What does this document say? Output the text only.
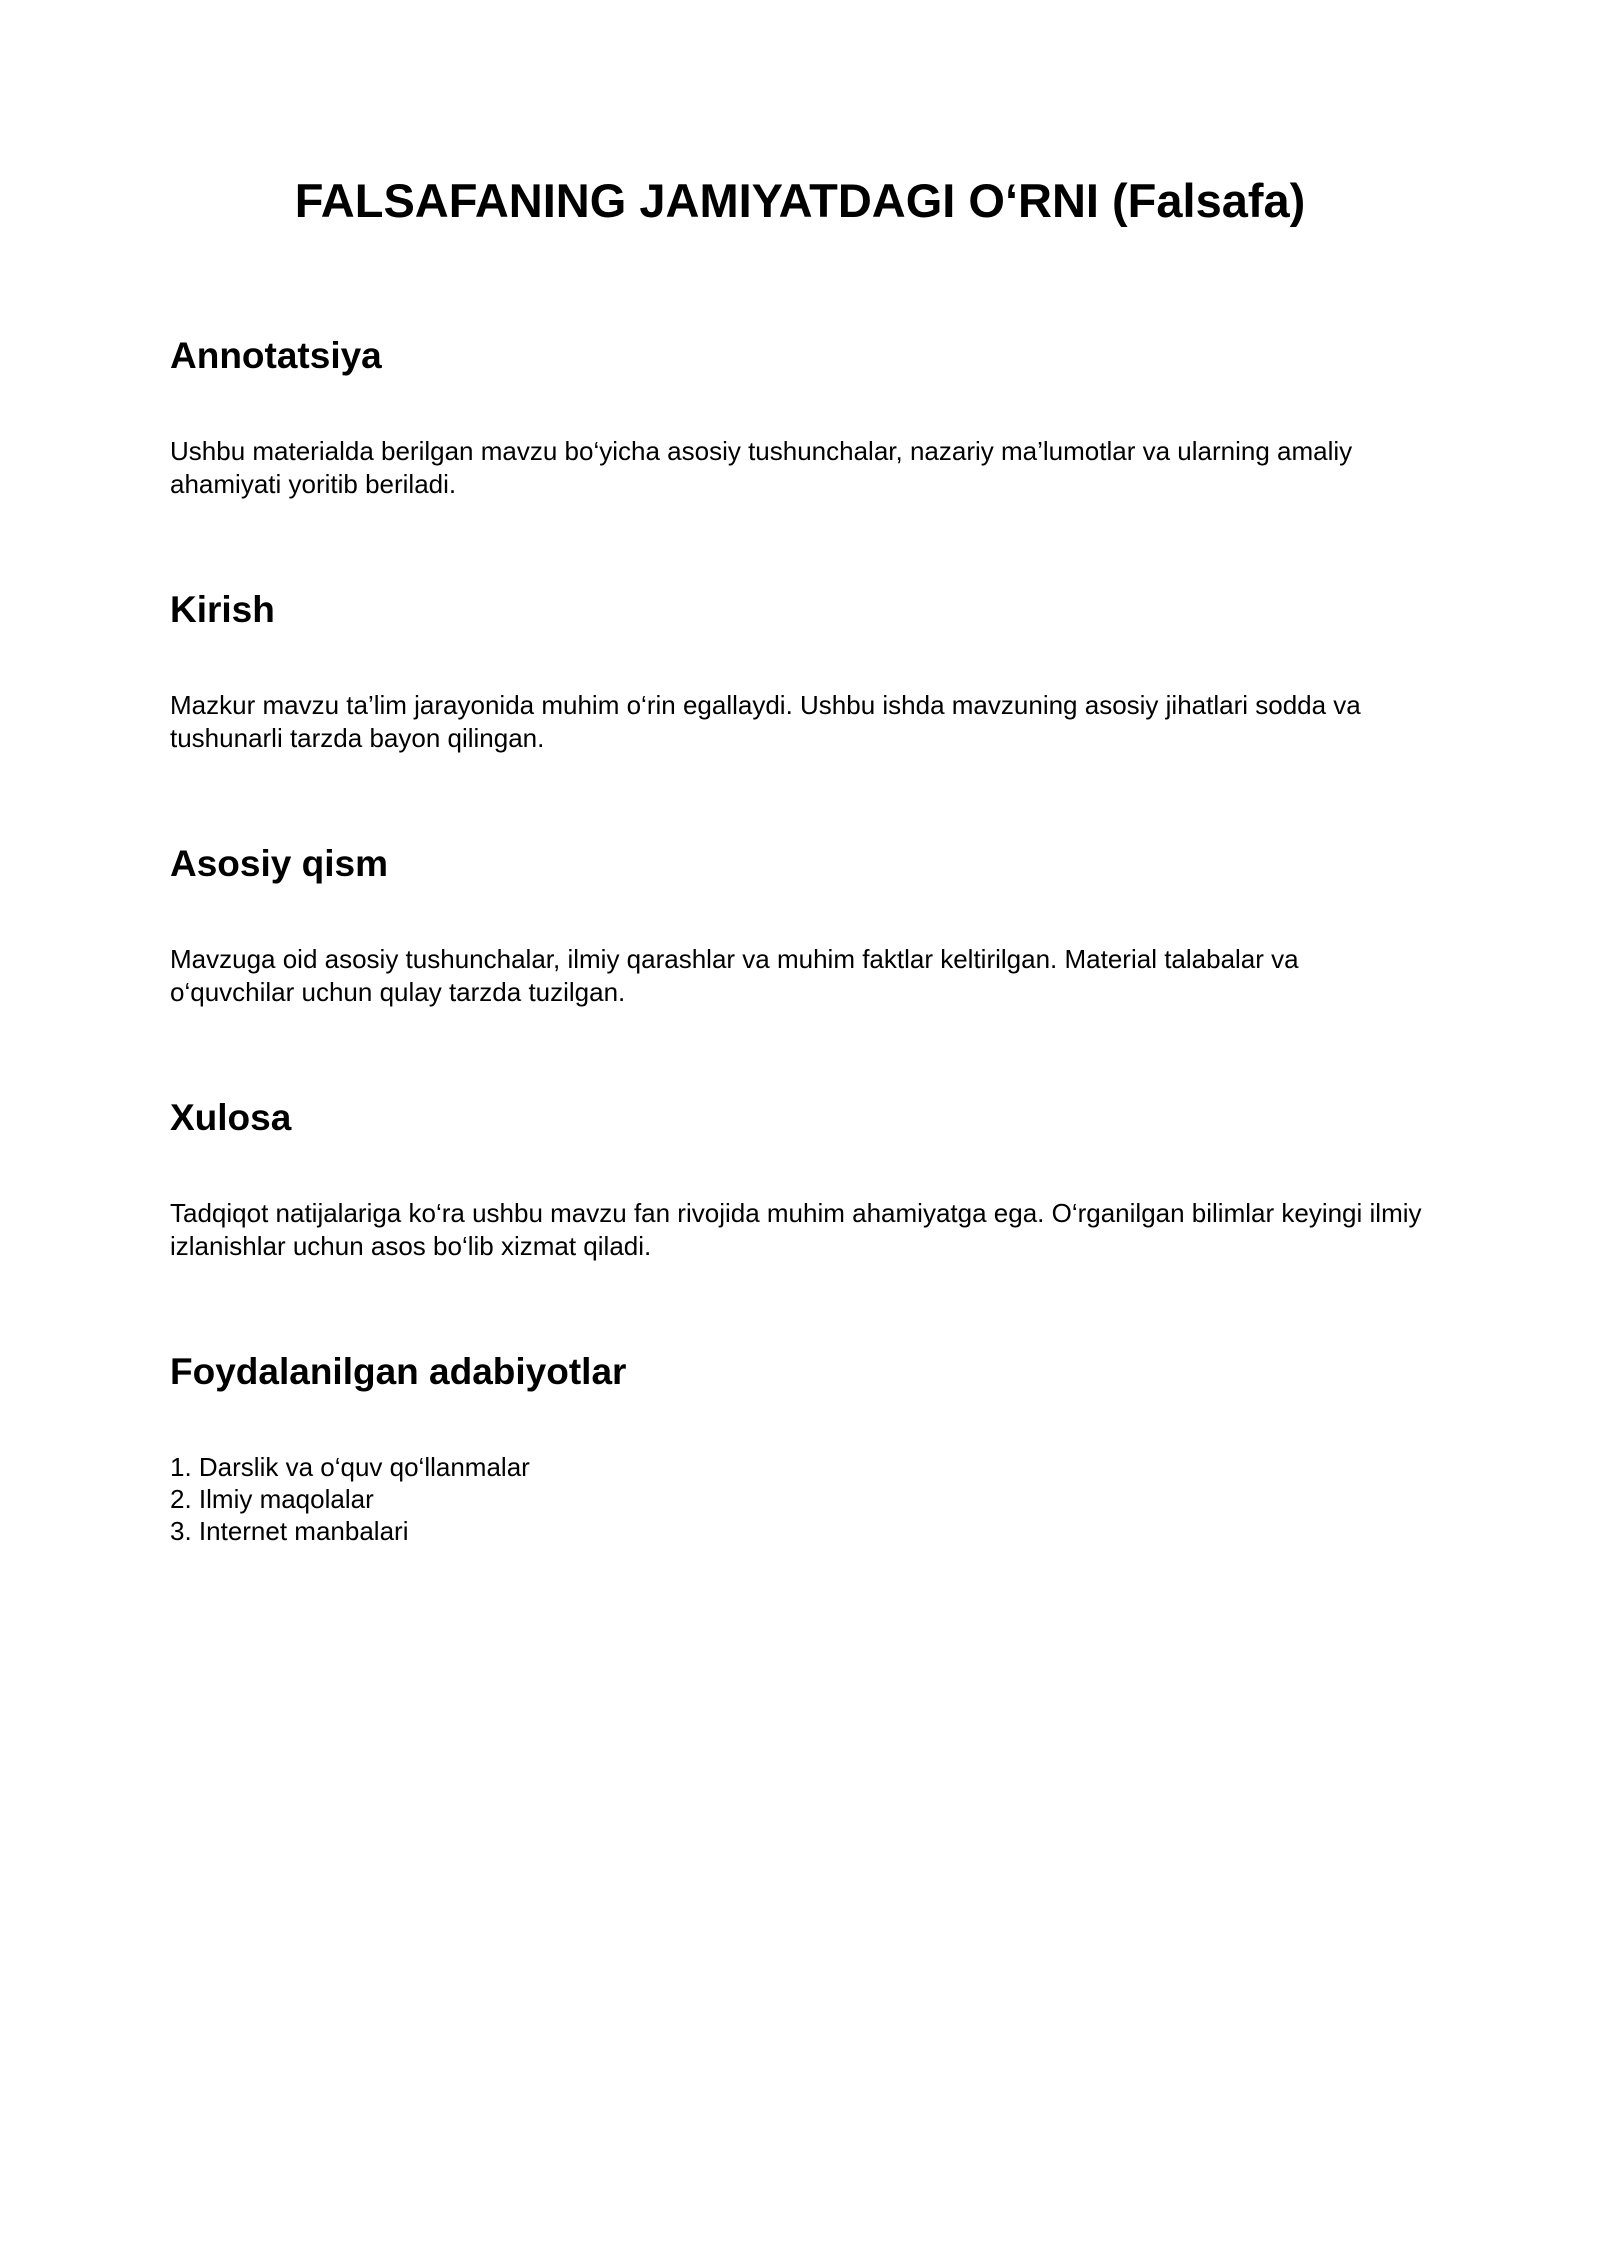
FALSAFANING JAMIYATDAGI O‘RNI (Falsafa)
Annotatsiya

Ushbu materialda berilgan mavzu bo‘yicha asosiy tushunchalar, nazariy ma’lumotlar va ularning amaliy ahamiyati yoritib beriladi.

Kirish

Mazkur mavzu ta’lim jarayonida muhim o‘rin egallaydi. Ushbu ishda mavzuning asosiy jihatlari sodda va tushunarli tarzda bayon qilingan.

Asosiy qism

Mavzuga oid asosiy tushunchalar, ilmiy qarashlar va muhim faktlar keltirilgan. Material talabalar va o‘quvchilar uchun qulay tarzda tuzilgan.

Xulosa

Tadqiqot natijalariga ko‘ra ushbu mavzu fan rivojida muhim ahamiyatga ega. O‘rganilgan bilimlar keyingi ilmiy izlanishlar uchun asos bo‘lib xizmat qiladi.

Foydalanilgan adabiyotlar
1. Darslik va o‘quv qo‘llanmalar
2. Ilmiy maqolalar
3. Internet manbalari
